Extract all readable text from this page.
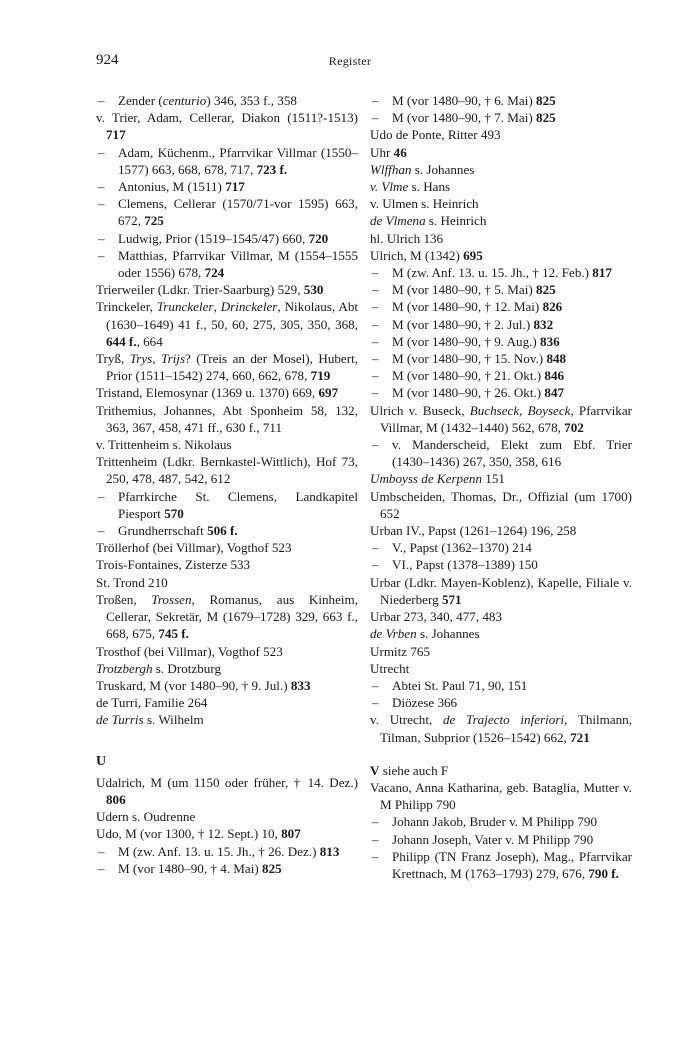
924	Register
– Zender (centurio) 346, 353 f., 358
v. Trier, Adam, Cellerar, Diakon (1511?-1513) 717
– Adam, Küchenm., Pfarrvikar Villmar (1550–1577) 663, 668, 678, 717, 723 f.
– Antonius, M (1511) 717
– Clemens, Cellerar (1570/71-vor 1595) 663, 672, 725
– Ludwig, Prior (1519–1545/47) 660, 720
– Matthias, Pfarrvikar Villmar, M (1554–1555 oder 1556) 678, 724
Trierweiler (Ldkr. Trier-Saarburg) 529, 530
Trinckeler, Trunckeler, Drinckeler, Nikolaus, Abt (1630–1649) 41 f., 50, 60, 275, 305, 350, 368, 644 f., 664
Tryß, Trys, Trijs? (Treis an der Mosel), Hubert, Prior (1511–1542) 274, 660, 662, 678, 719
Tristand, Elemosynar (1369 u. 1370) 669, 697
Trithemius, Johannes, Abt Sponheim 58, 132, 363, 367, 458, 471 ff., 630 f., 711
v. Trittenheim s. Nikolaus
Trittenheim (Ldkr. Bernkastel-Wittlich), Hof 73, 250, 478, 487, 542, 612
– Pfarrkirche St. Clemens, Landkapitel Piesport 570
– Grundherrschaft 506 f.
Tröllerhof (bei Villmar), Vogthof 523
Trois-Fontaines, Zisterze 533
St. Trond 210
Troßen, Trossen, Romanus, aus Kinheim, Cellerar, Sekretär, M (1679–1728) 329, 663 f., 668, 675, 745 f.
Trosthof (bei Villmar), Vogthof 523
Trotzbergh s. Drotzburg
Truskard, M (vor 1480–90, † 9. Jul.) 833
de Turri, Familie 264
de Turris s. Wilhelm
U
Udalrich, M (um 1150 oder früher, † 14. Dez.) 806
Udern s. Oudrenne
Udo, M (vor 1300, † 12. Sept.) 10, 807
– M (zw. Anf. 13. u. 15. Jh., † 26. Dez.) 813
– M (vor 1480–90, † 4. Mai) 825
– M (vor 1480–90, † 6. Mai) 825
– M (vor 1480–90, † 7. Mai) 825
Udo de Ponte, Ritter 493
Uhr 46
Wlffhan s. Johannes
v. Vlme s. Hans
v. Ulmen s. Heinrich
de Vlmena s. Heinrich
hl. Ulrich 136
Ulrich, M (1342) 695
– M (zw. Anf. 13. u. 15. Jh., † 12. Feb.) 817
– M (vor 1480–90, † 5. Mai) 825
– M (vor 1480–90, † 12. Mai) 826
– M (vor 1480–90, † 2. Jul.) 832
– M (vor 1480–90, † 9. Aug.) 836
– M (vor 1480–90, † 15. Nov.) 848
– M (vor 1480–90, † 21. Okt.) 846
– M (vor 1480–90, † 26. Okt.) 847
Ulrich v. Buseck, Buchseck, Boyseck, Pfarrvikar Villmar, M (1432–1440) 562, 678, 702
– v. Manderscheid, Elekt zum Ebf. Trier (1430–1436) 267, 350, 358, 616
Umboyss de Kerpenn 151
Umbscheiden, Thomas, Dr., Offizial (um 1700) 652
Urban IV., Papst (1261–1264) 196, 258
– V., Papst (1362–1370) 214
– VI., Papst (1378–1389) 150
Urbar (Ldkr. Mayen-Koblenz), Kapelle, Filiale v. Niederberg 571
Urbar 273, 340, 477, 483
de Vrben s. Johannes
Urmitz 765
Utrecht
– Abtei St. Paul 71, 90, 151
– Diözese 366
v. Utrecht, de Trajecto inferiori, Thilmann, Tilman, Subprior (1526–1542) 662, 721
V siehe auch F
Vacano, Anna Katharina, geb. Bataglia, Mutter v. M Philipp 790
– Johann Jakob, Bruder v. M Philipp 790
– Johann Joseph, Vater v. M Philipp 790
– Philipp (TN Franz Joseph), Mag., Pfarrvikar Krettnach, M (1763–1793) 279, 676, 790 f.
